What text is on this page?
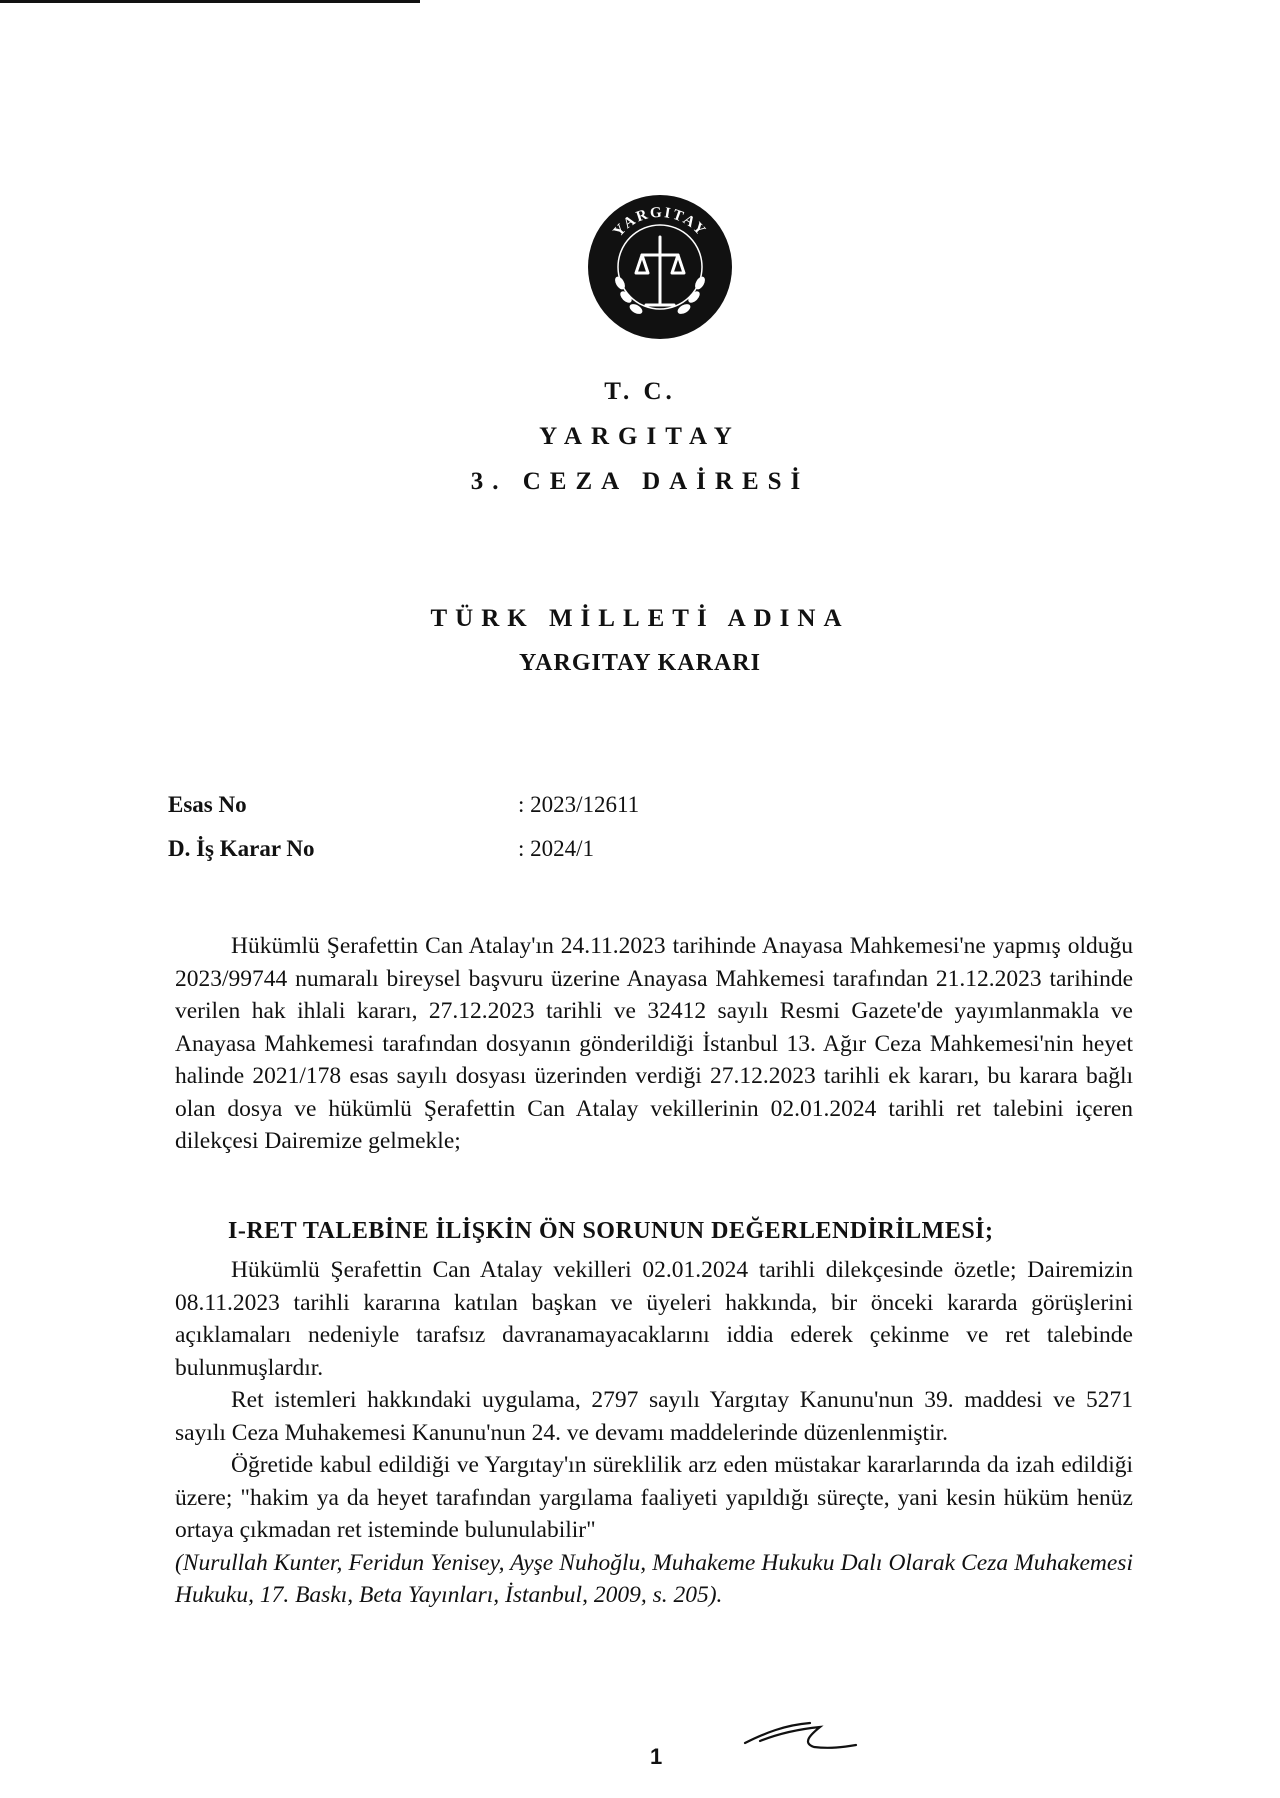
YARGITAY
T. C.
YARGITAY
3. CEZA DAİRESİ
TÜRK MİLLETİ ADINA
YARGITAY KARARI
Esas No	: 2023/12611
D. İş Karar No	: 2024/1

Hükümlü Şerafettin Can Atalay'ın 24.11.2023 tarihinde Anayasa Mahkemesi'ne yapmış olduğu 2023/99744 numaralı bireysel başvuru üzerine Anayasa Mahkemesi tarafından 21.12.2023 tarihinde verilen hak ihlali kararı, 27.12.2023 tarihli ve 32412 sayılı Resmi Gazete'de yayımlanmakla ve Anayasa Mahkemesi tarafından dosyanın gönderildiği İstanbul 13. Ağır Ceza Mahkemesi'nin heyet halinde 2021/178 esas sayılı dosyası üzerinden verdiği 27.12.2023 tarihli ek kararı, bu karara bağlı olan dosya ve hükümlü Şerafettin Can Atalay vekillerinin 02.01.2024 tarihli ret talebini içeren dilekçesi Dairemize gelmekle;

I-RET TALEBİNE İLİŞKİN ÖN SORUNUN DEĞERLENDİRİLMESİ;

Hükümlü Şerafettin Can Atalay vekilleri 02.01.2024 tarihli dilekçesinde özetle; Dairemizin 08.11.2023 tarihli kararına katılan başkan ve üyeleri hakkında, bir önceki kararda görüşlerini açıklamaları nedeniyle tarafsız davranamayacaklarını iddia ederek çekinme ve ret talebinde bulunmuşlardır.

Ret istemleri hakkındaki uygulama, 2797 sayılı Yargıtay Kanunu'nun 39. maddesi ve 5271 sayılı Ceza Muhakemesi Kanunu'nun 24. ve devamı maddelerinde düzenlenmiştir.

Öğretide kabul edildiği ve Yargıtay'ın süreklilik arz eden müstakar kararlarında da izah edildiği üzere; "hakim ya da heyet tarafından yargılama faaliyeti yapıldığı süreçte, yani kesin hüküm henüz ortaya çıkmadan ret isteminde bulunulabilir"

(Nurullah Kunter, Feridun Yenisey, Ayşe Nuhoğlu, Muhakeme Hukuku Dalı Olarak Ceza Muhakemesi Hukuku, 17. Baskı, Beta Yayınları, İstanbul, 2009, s. 205).

1
